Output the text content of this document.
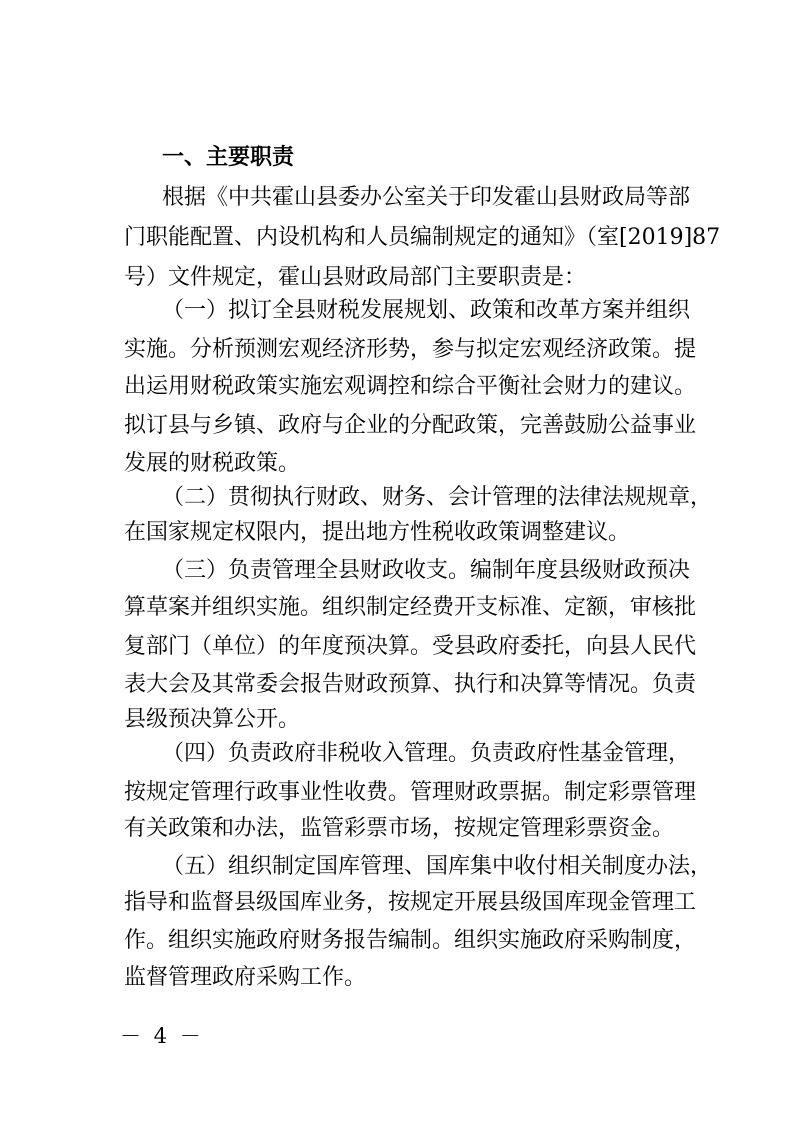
一、主要职责
根据《中共霍山县委办公室关于印发霍山县财政局等部
门职能配置、内设机构和人员编制规定的通知》（室[2019]87
号）文件规定，霍山县财政局部门主要职责是：
（一）拟订全县财税发展规划、政策和改革方案并组织
实施。分析预测宏观经济形势，参与拟定宏观经济政策。提
出运用财税政策实施宏观调控和综合平衡社会财力的建议。
拟订县与乡镇、政府与企业的分配政策，完善鼓励公益事业
发展的财税政策。
（二）贯彻执行财政、财务、会计管理的法律法规规章，
在国家规定权限内，提出地方性税收政策调整建议。
（三）负责管理全县财政收支。编制年度县级财政预决
算草案并组织实施。组织制定经费开支标准、定额，审核批
复部门（单位）的年度预决算。受县政府委托，向县人民代
表大会及其常委会报告财政预算、执行和决算等情况。负责
县级预决算公开。
（四）负责政府非税收入管理。负责政府性基金管理，
按规定管理行政事业性收费。管理财政票据。制定彩票管理
有关政策和办法，监管彩票市场，按规定管理彩票资金。
（五）组织制定国库管理、国库集中收付相关制度办法，
指导和监督县级国库业务，按规定开展县级国库现金管理工
作。组织实施政府财务报告编制。组织实施政府采购制度，
监督管理政府采购工作。
－ 4 －
